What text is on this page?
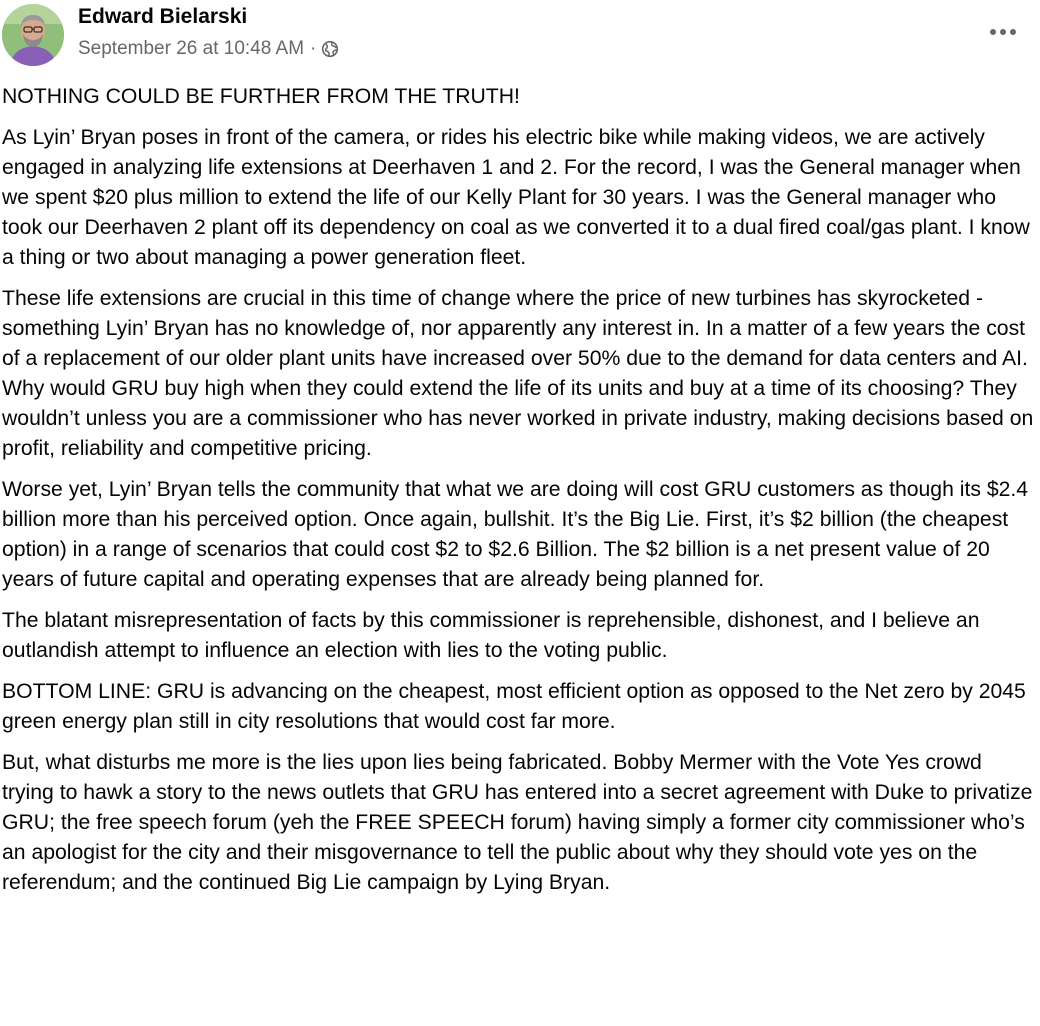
Edward Bielarski
September 26 at 10:48 AM ·

NOTHING COULD BE FURTHER FROM THE TRUTH!

As Lyin’ Bryan poses in front of the camera, or rides his electric bike while making videos, we are actively engaged in analyzing life extensions at Deerhaven 1 and 2. For the record, I was the General manager when we spent $20 plus million to extend the life of our Kelly Plant for 30 years. I was the General manager who took our Deerhaven 2 plant off its dependency on coal as we converted it to a dual fired coal/gas plant. I know a thing or two about managing a power generation fleet.

These life extensions are crucial in this time of change where the price of new turbines has skyrocketed - something Lyin’ Bryan has no knowledge of, nor apparently any interest in. In a matter of a few years the cost of a replacement of our older plant units have increased over 50% due to the demand for data centers and AI. Why would GRU buy high when they could extend the life of its units and buy at a time of its choosing? They wouldn’t unless you are a commissioner who has never worked in private industry, making decisions based on profit, reliability and competitive pricing.

Worse yet, Lyin’ Bryan tells the community that what we are doing will cost GRU customers as though its $2.4 billion more than his perceived option. Once again, bullshit. It’s the Big Lie. First, it’s $2 billion (the cheapest option) in a range of scenarios that could cost $2 to $2.6 Billion. The $2 billion is a net present value of 20 years of future capital and operating expenses that are already being planned for.

The blatant misrepresentation of facts by this commissioner is reprehensible, dishonest, and I believe an outlandish attempt to influence an election with lies to the voting public.

BOTTOM LINE: GRU is advancing on the cheapest, most efficient option as opposed to the Net zero by 2045 green energy plan still in city resolutions that would cost far more.

But, what disturbs me more is the lies upon lies being fabricated. Bobby Mermer with the Vote Yes crowd trying to hawk a story to the news outlets that GRU has entered into a secret agreement with Duke to privatize GRU; the free speech forum (yeh the FREE SPEECH forum) having simply a former city commissioner who’s an apologist for the city and their misgovernance to tell the public about why they should vote yes on the referendum; and the continued Big Lie campaign by Lying Bryan.
